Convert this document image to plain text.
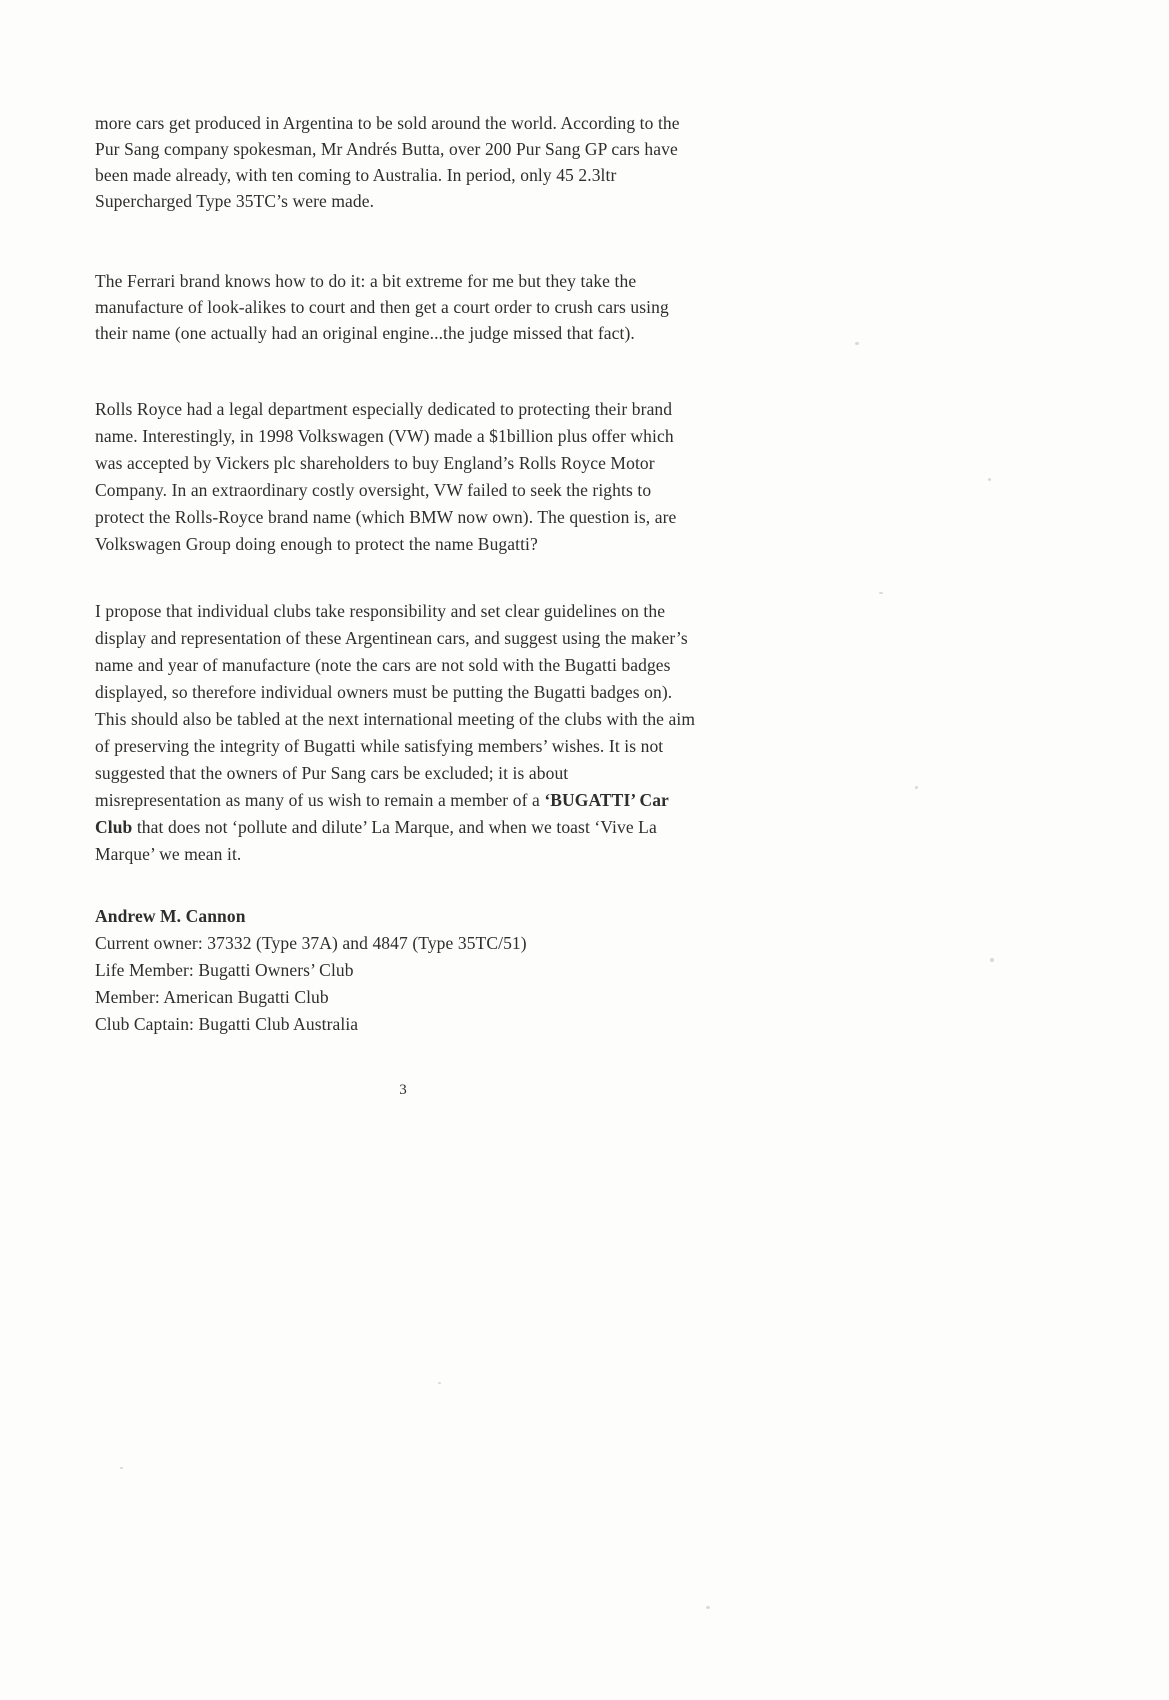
more cars get produced in Argentina to be sold around the world. According to the
Pur Sang company spokesman, Mr Andrés Butta, over 200 Pur Sang GP cars have
been made already, with ten coming to Australia. In period, only 45 2.3ltr
Supercharged Type 35TC’s were made.
The Ferrari brand knows how to do it: a bit extreme for me but they take the
manufacture of look-alikes to court and then get a court order to crush cars using
their name (one actually had an original engine...the judge missed that fact).
Rolls Royce had a legal department especially dedicated to protecting their brand
name. Interestingly, in 1998 Volkswagen (VW) made a $1billion plus offer which
was accepted by Vickers plc shareholders to buy England’s Rolls Royce Motor
Company. In an extraordinary costly oversight, VW failed to seek the rights to
protect the Rolls-Royce brand name (which BMW now own). The question is, are
Volkswagen Group doing enough to protect the name Bugatti?
I propose that individual clubs take responsibility and set clear guidelines on the
display and representation of these Argentinean cars, and suggest using the maker’s
name and year of manufacture (note the cars are not sold with the Bugatti badges
displayed, so therefore individual owners must be putting the Bugatti badges on).
This should also be tabled at the next international meeting of the clubs with the aim
of preserving the integrity of Bugatti while satisfying members’ wishes. It is not
suggested that the owners of Pur Sang cars be excluded; it is about
misrepresentation as many of us wish to remain a member of a ‘BUGATTI’ Car
Club that does not ‘pollute and dilute’ La Marque, and when we toast ‘Vive La
Marque’ we mean it.
Andrew M. Cannon
Current owner: 37332 (Type 37A) and 4847 (Type 35TC/51)
Life Member: Bugatti Owners’ Club
Member: American Bugatti Club
Club Captain: Bugatti Club Australia
3
